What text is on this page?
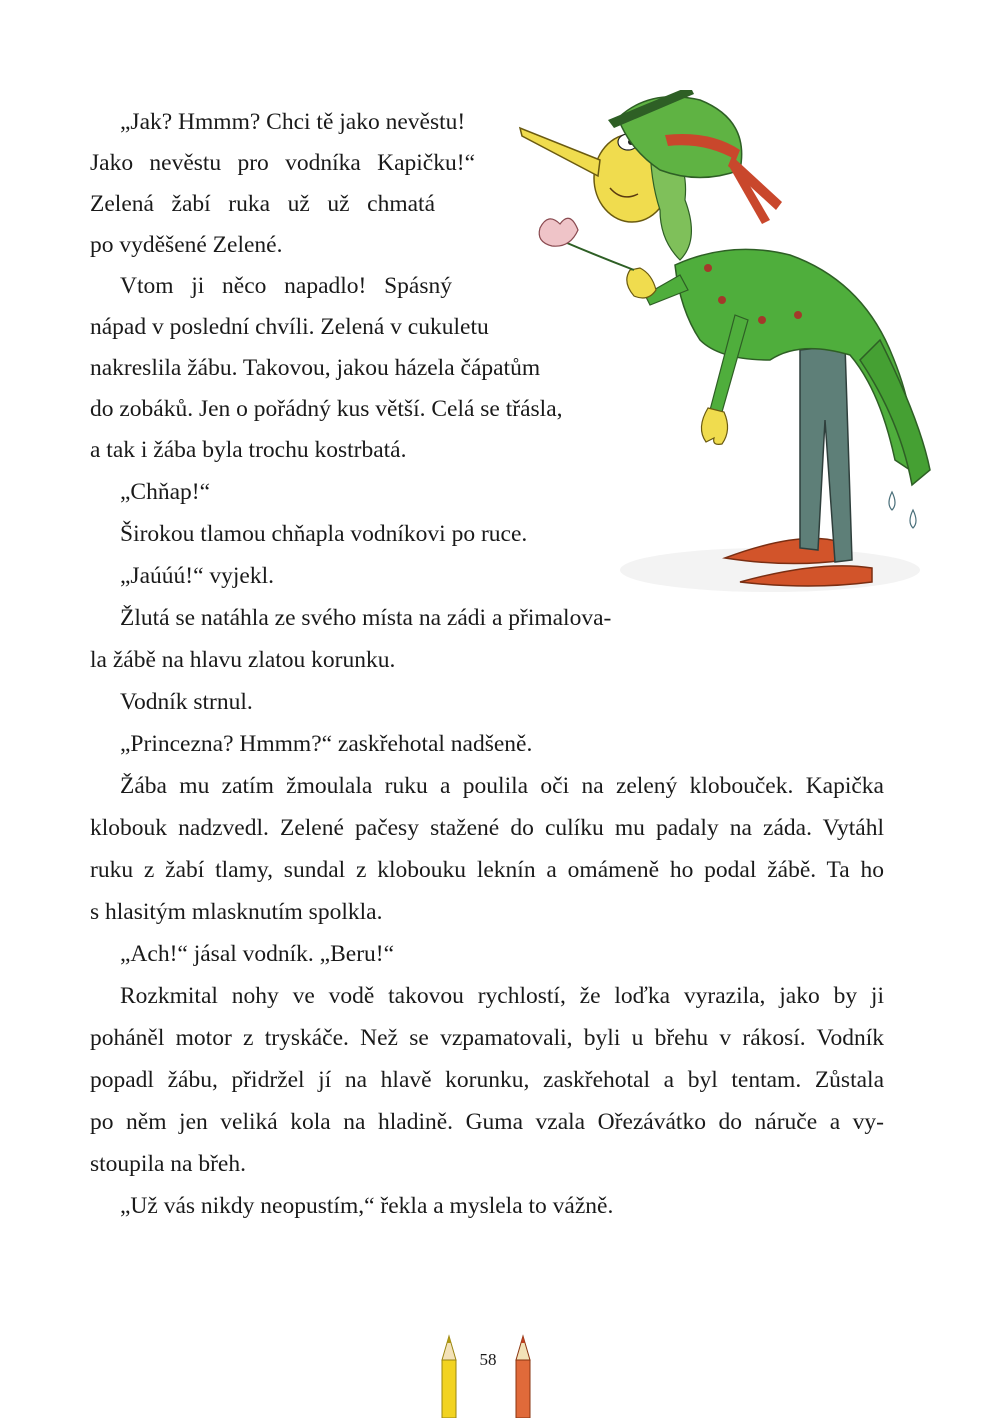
„Jak? Hmmm? Chci tě jako nevěstu!
Jako nevěstu pro vodníka Kapičku!“
Zelená žabí ruka už už chmatá
po vyděšené Zelené.
Vtom ji něco napadlo! Spásný
nápad v poslední chvíli. Zelená v cukuletu
nakreslila žábu. Takovou, jakou házela čápatům
do zobáků. Jen o pořádný kus větší. Celá se třásla,
a tak i žába byla trochu kostrbatá.
„Chňap!“
Širokou tlamou chňapla vodníkovi po ruce.
„Jaúúú!“ vyjekl.
Žlutá se natáhla ze svého místa na zádi a přimalova-
la žábě na hlavu zlatou korunku.
Vodník strnul.
„Princezna? Hmmm?“ zaskřehotal nadšeně.
Žába mu zatím žmoulala ruku a poulila oči na zelený klobouček. Kapička
klobouk nadzvedl. Zelené pačesy stažené do culíku mu padaly na záda. Vytáhl
ruku z žabí tlamy, sundal z klobouku leknín a omámeně ho podal žábě. Ta ho
s hlasitým mlasknutím spolkla.
„Ach!“ jásal vodník. „Beru!“
Rozkmital nohy ve vodě takovou rychlostí, že loďka vyrazila, jako by ji
poháněl motor z tryskáče. Než se vzpamatovali, byli u břehu v rákosí. Vodník
popadl žábu, přidržel jí na hlavě korunku, zaskřehotal a byl tentam. Zůstala
po něm jen veliká kola na hladině. Guma vzala Ořezávátko do náruče a vy-
stoupila na břeh.
„Už vás nikdy neopustím,“ řekla a myslela to vážně.
58
